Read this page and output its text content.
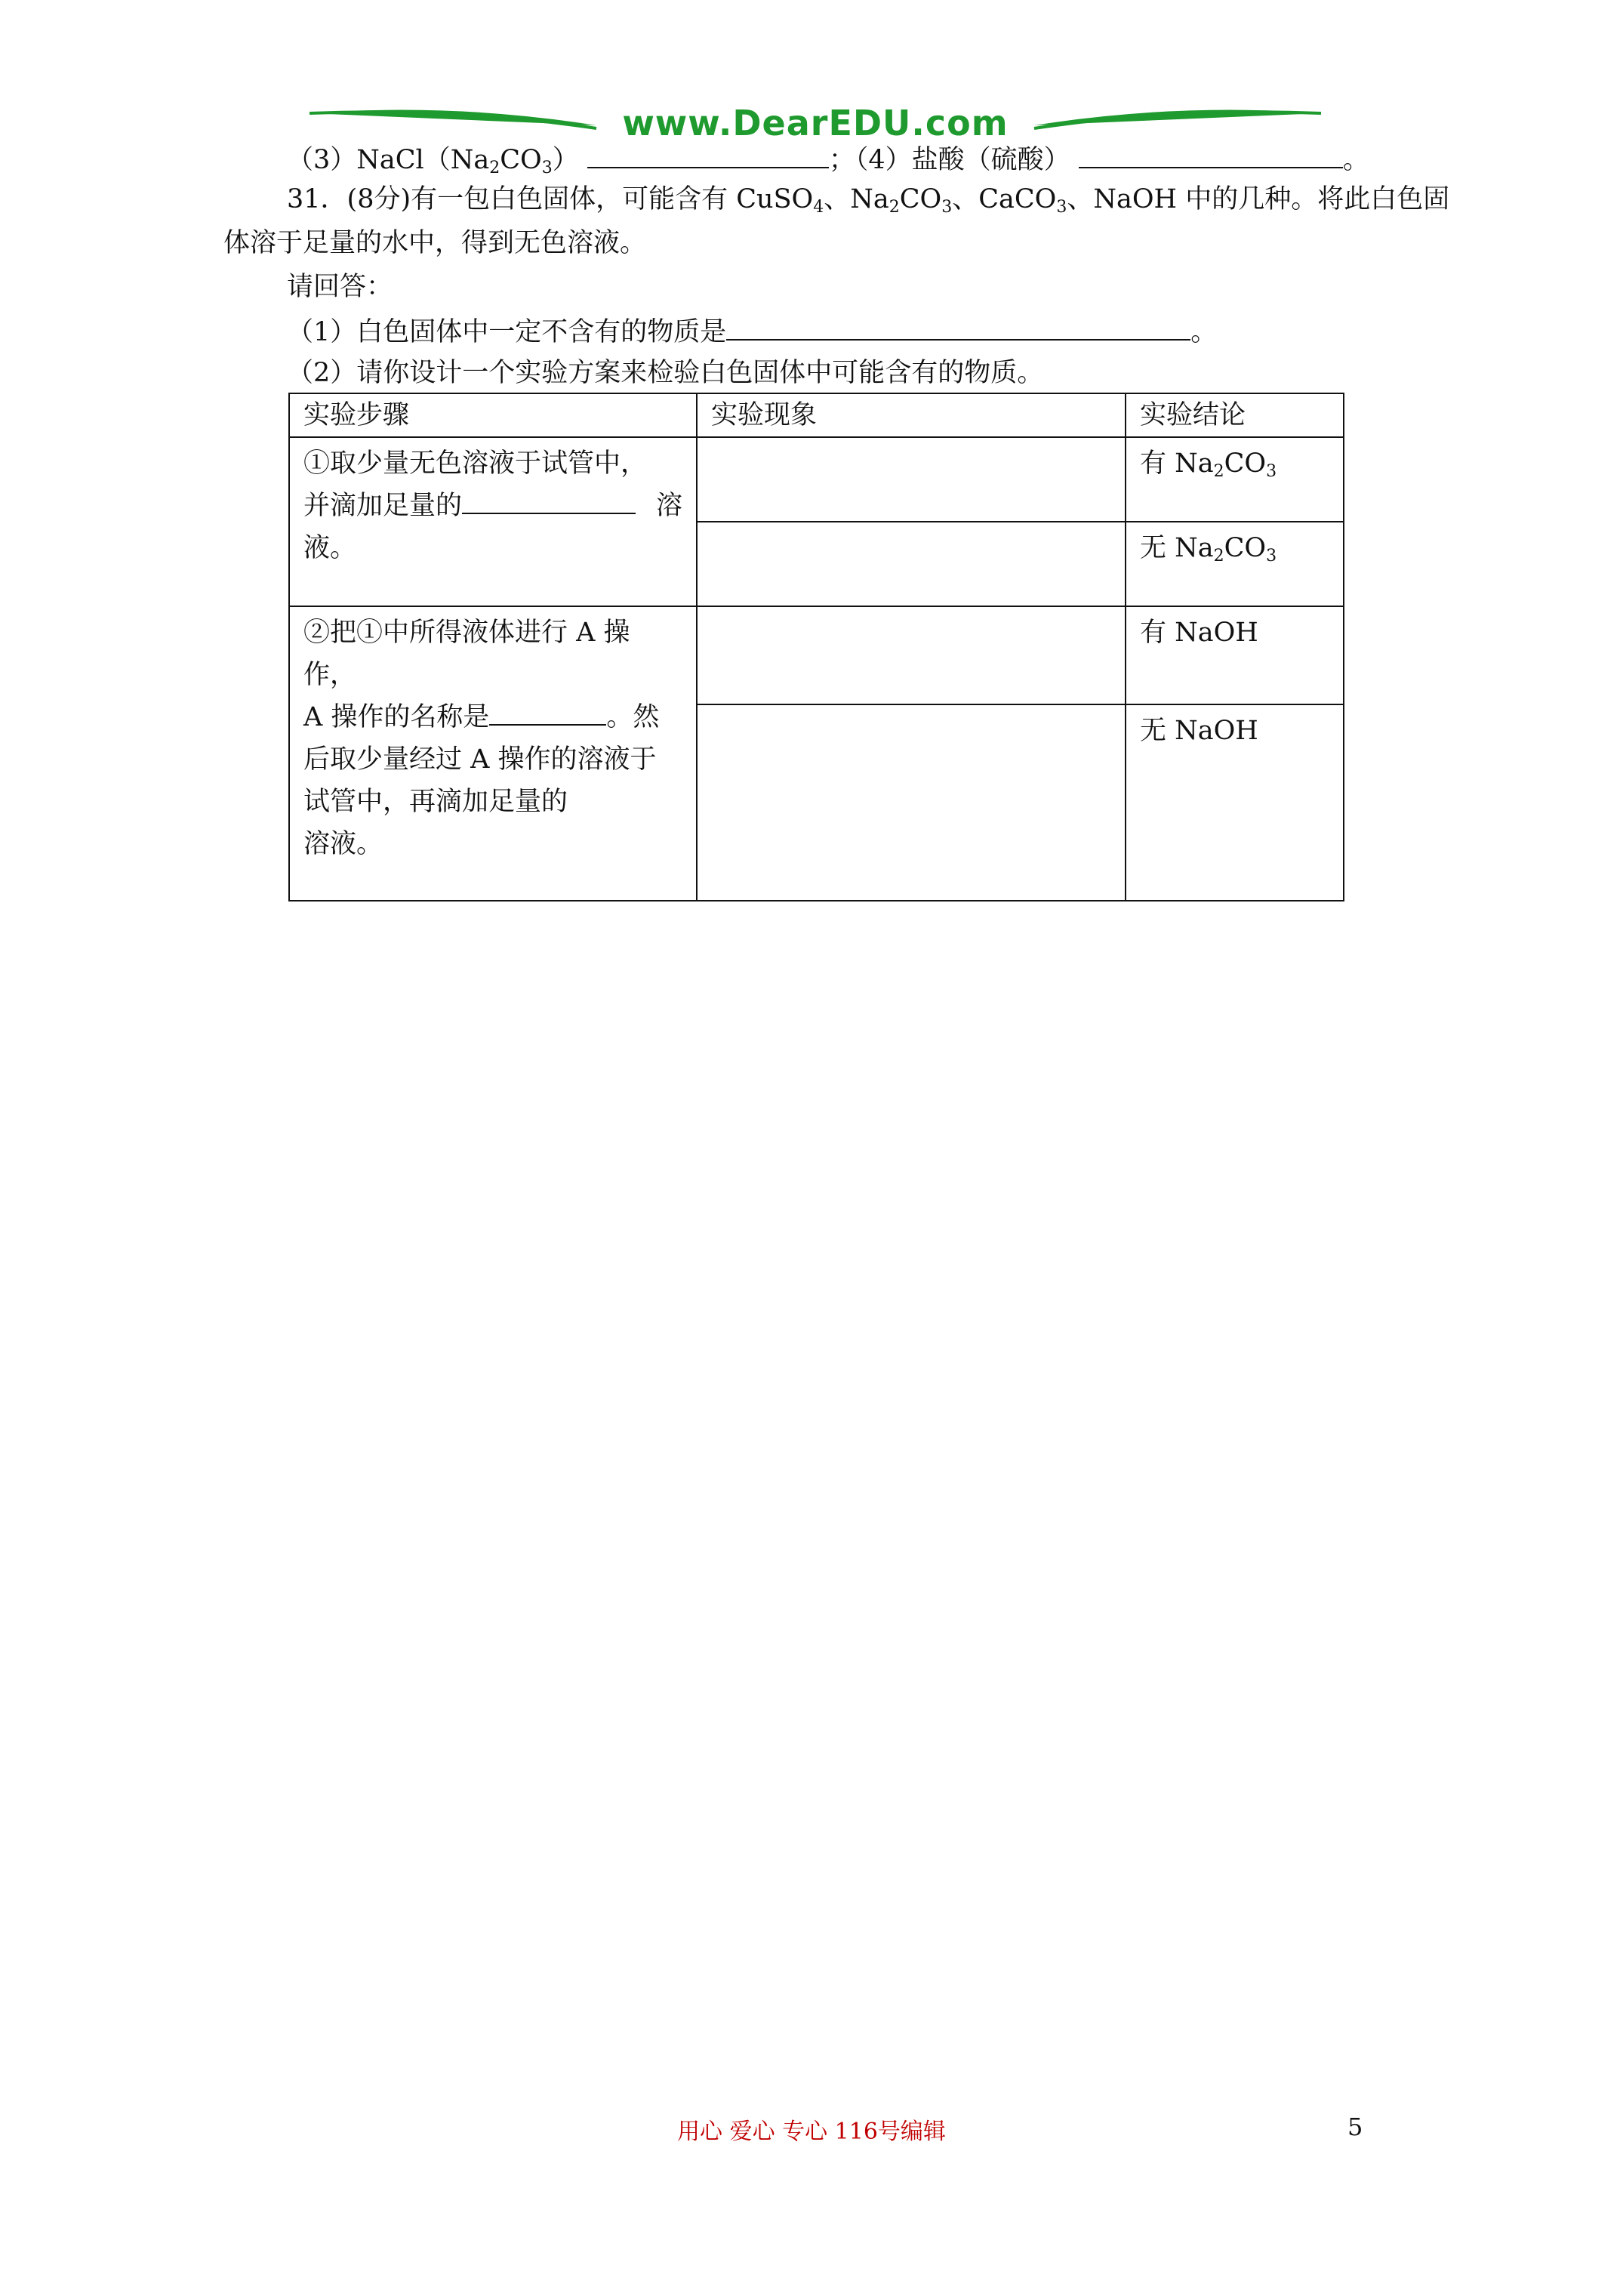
www.DearEDU.com
$(3)NaCl(Na_2CO_3)$	；（4）盐酸（硫酸）	。
31．(8分)有一包白色固体，可能含有 CuSO$_4$、$Na_2CO_3$、CaCO$_3$、NaOH 中的几种。将此白色固
体溶于足量的水中，得到无色溶液。
请回答：
（1）白色固体中一定不含有的物质是	。
（2）请你设计一个实验方案来检验白色固体中可能含有的物质。
实验步骤	实验现象	实验结论

①取少量无色溶液于试管中，
并滴加足量的 溶
液。		有 $Na_2CO_3$
		无 $Na_2CO_3$

②把①中所得液体进行 A 操作，
A 操作的名称是 。然
后取少量经过 A 操作的溶液于
试管中，再滴加足量的
溶液。		有 NaOH
		无 NaOH
用心 爱心 专心 116号编辑	5
